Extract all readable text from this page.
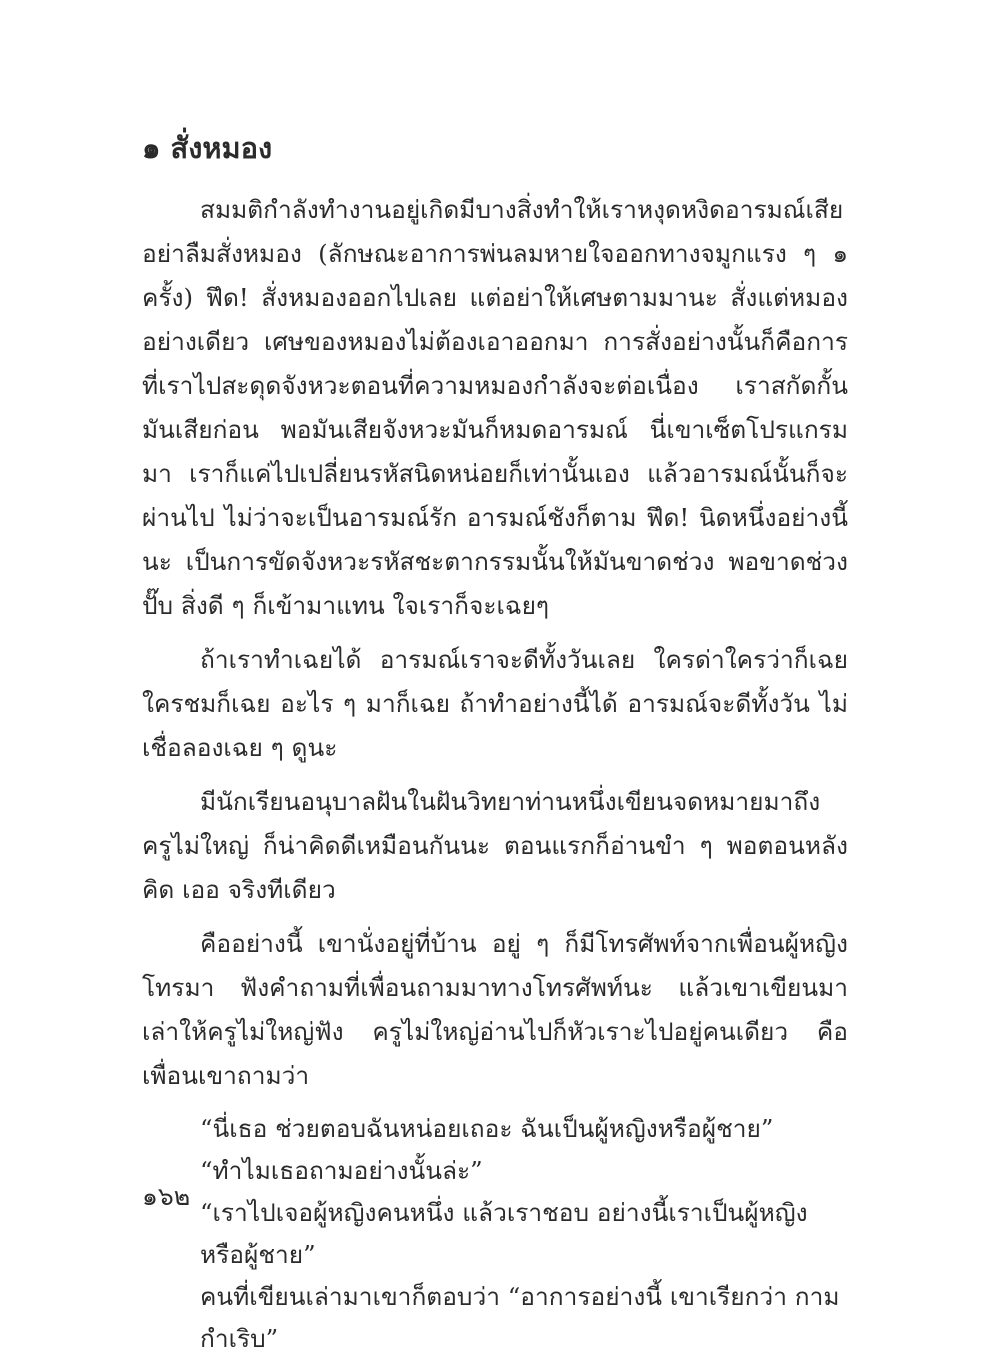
๑ สั่งหมอง

สมมติกำลังทำงานอยู่เกิดมีบางสิ่งทำให้เราหงุดหงิดอารมณ์เสีย อย่าลืมสั่งหมอง (ลักษณะอาการพ่นลมหายใจออกทางจมูกแรง ๆ ๑ ครั้ง) ฟึด! สั่งหมองออกไปเลย แต่อย่าให้เศษตามมานะ สั่งแต่หมองอย่างเดียว เศษของหมองไม่ต้องเอาออกมา การสั่งอย่างนั้นก็คือการที่เราไปสะดุดจังหวะตอนที่ความหมองกำลังจะต่อเนื่อง เราสกัดกั้นมันเสียก่อน พอมันเสียจังหวะมันก็หมดอารมณ์ นี่เขาเซ็ตโปรแกรมมา เราก็แค่ไปเปลี่ยนรหัสนิดหน่อยก็เท่านั้นเอง แล้วอารมณ์นั้นก็จะผ่านไป ไม่ว่าจะเป็นอารมณ์รัก อารมณ์ชังก็ตาม ฟึด! นิดหนึ่งอย่างนี้นะ เป็นการขัดจังหวะรหัสชะตากรรมนั้นให้มันขาดช่วง พอขาดช่วงปั๊บ สิ่งดี ๆ ก็เข้ามาแทน ใจเราก็จะเฉยๆ

ถ้าเราทำเฉยได้ อารมณ์เราจะดีทั้งวันเลย ใครด่าใครว่าก็เฉย ใครชมก็เฉย อะไร ๆ มาก็เฉย ถ้าทำอย่างนี้ได้ อารมณ์จะดีทั้งวัน ไม่เชื่อลองเฉย ๆ ดูนะ

มีนักเรียนอนุบาลฝันในฝันวิทยาท่านหนึ่งเขียนจดหมายมาถึงครูไม่ใหญ่ ก็น่าคิดดีเหมือนกันนะ ตอนแรกก็อ่านขำ ๆ พอตอนหลังคิด เออ จริงทีเดียว

คืออย่างนี้ เขานั่งอยู่ที่บ้าน อยู่ ๆ ก็มีโทรศัพท์จากเพื่อนผู้หญิงโทรมา ฟังคำถามที่เพื่อนถามมาทางโทรศัพท์นะ แล้วเขาเขียนมาเล่าให้ครูไม่ใหญ่ฟัง ครูไม่ใหญ่อ่านไปก็หัวเราะไปอยู่คนเดียว คือเพื่อนเขาถามว่า

“นี่เธอ ช่วยตอบฉันหน่อยเถอะ ฉันเป็นผู้หญิงหรือผู้ชาย”

“ทำไมเธอถามอย่างนั้นล่ะ”

“เราไปเจอผู้หญิงคนหนึ่ง แล้วเราชอบ อย่างนี้เราเป็นผู้หญิงหรือผู้ชาย”

คนที่เขียนเล่ามาเขาก็ตอบว่า “อาการอย่างนี้ เขาเรียกว่า กามกำเริบ”

๑๖๒
